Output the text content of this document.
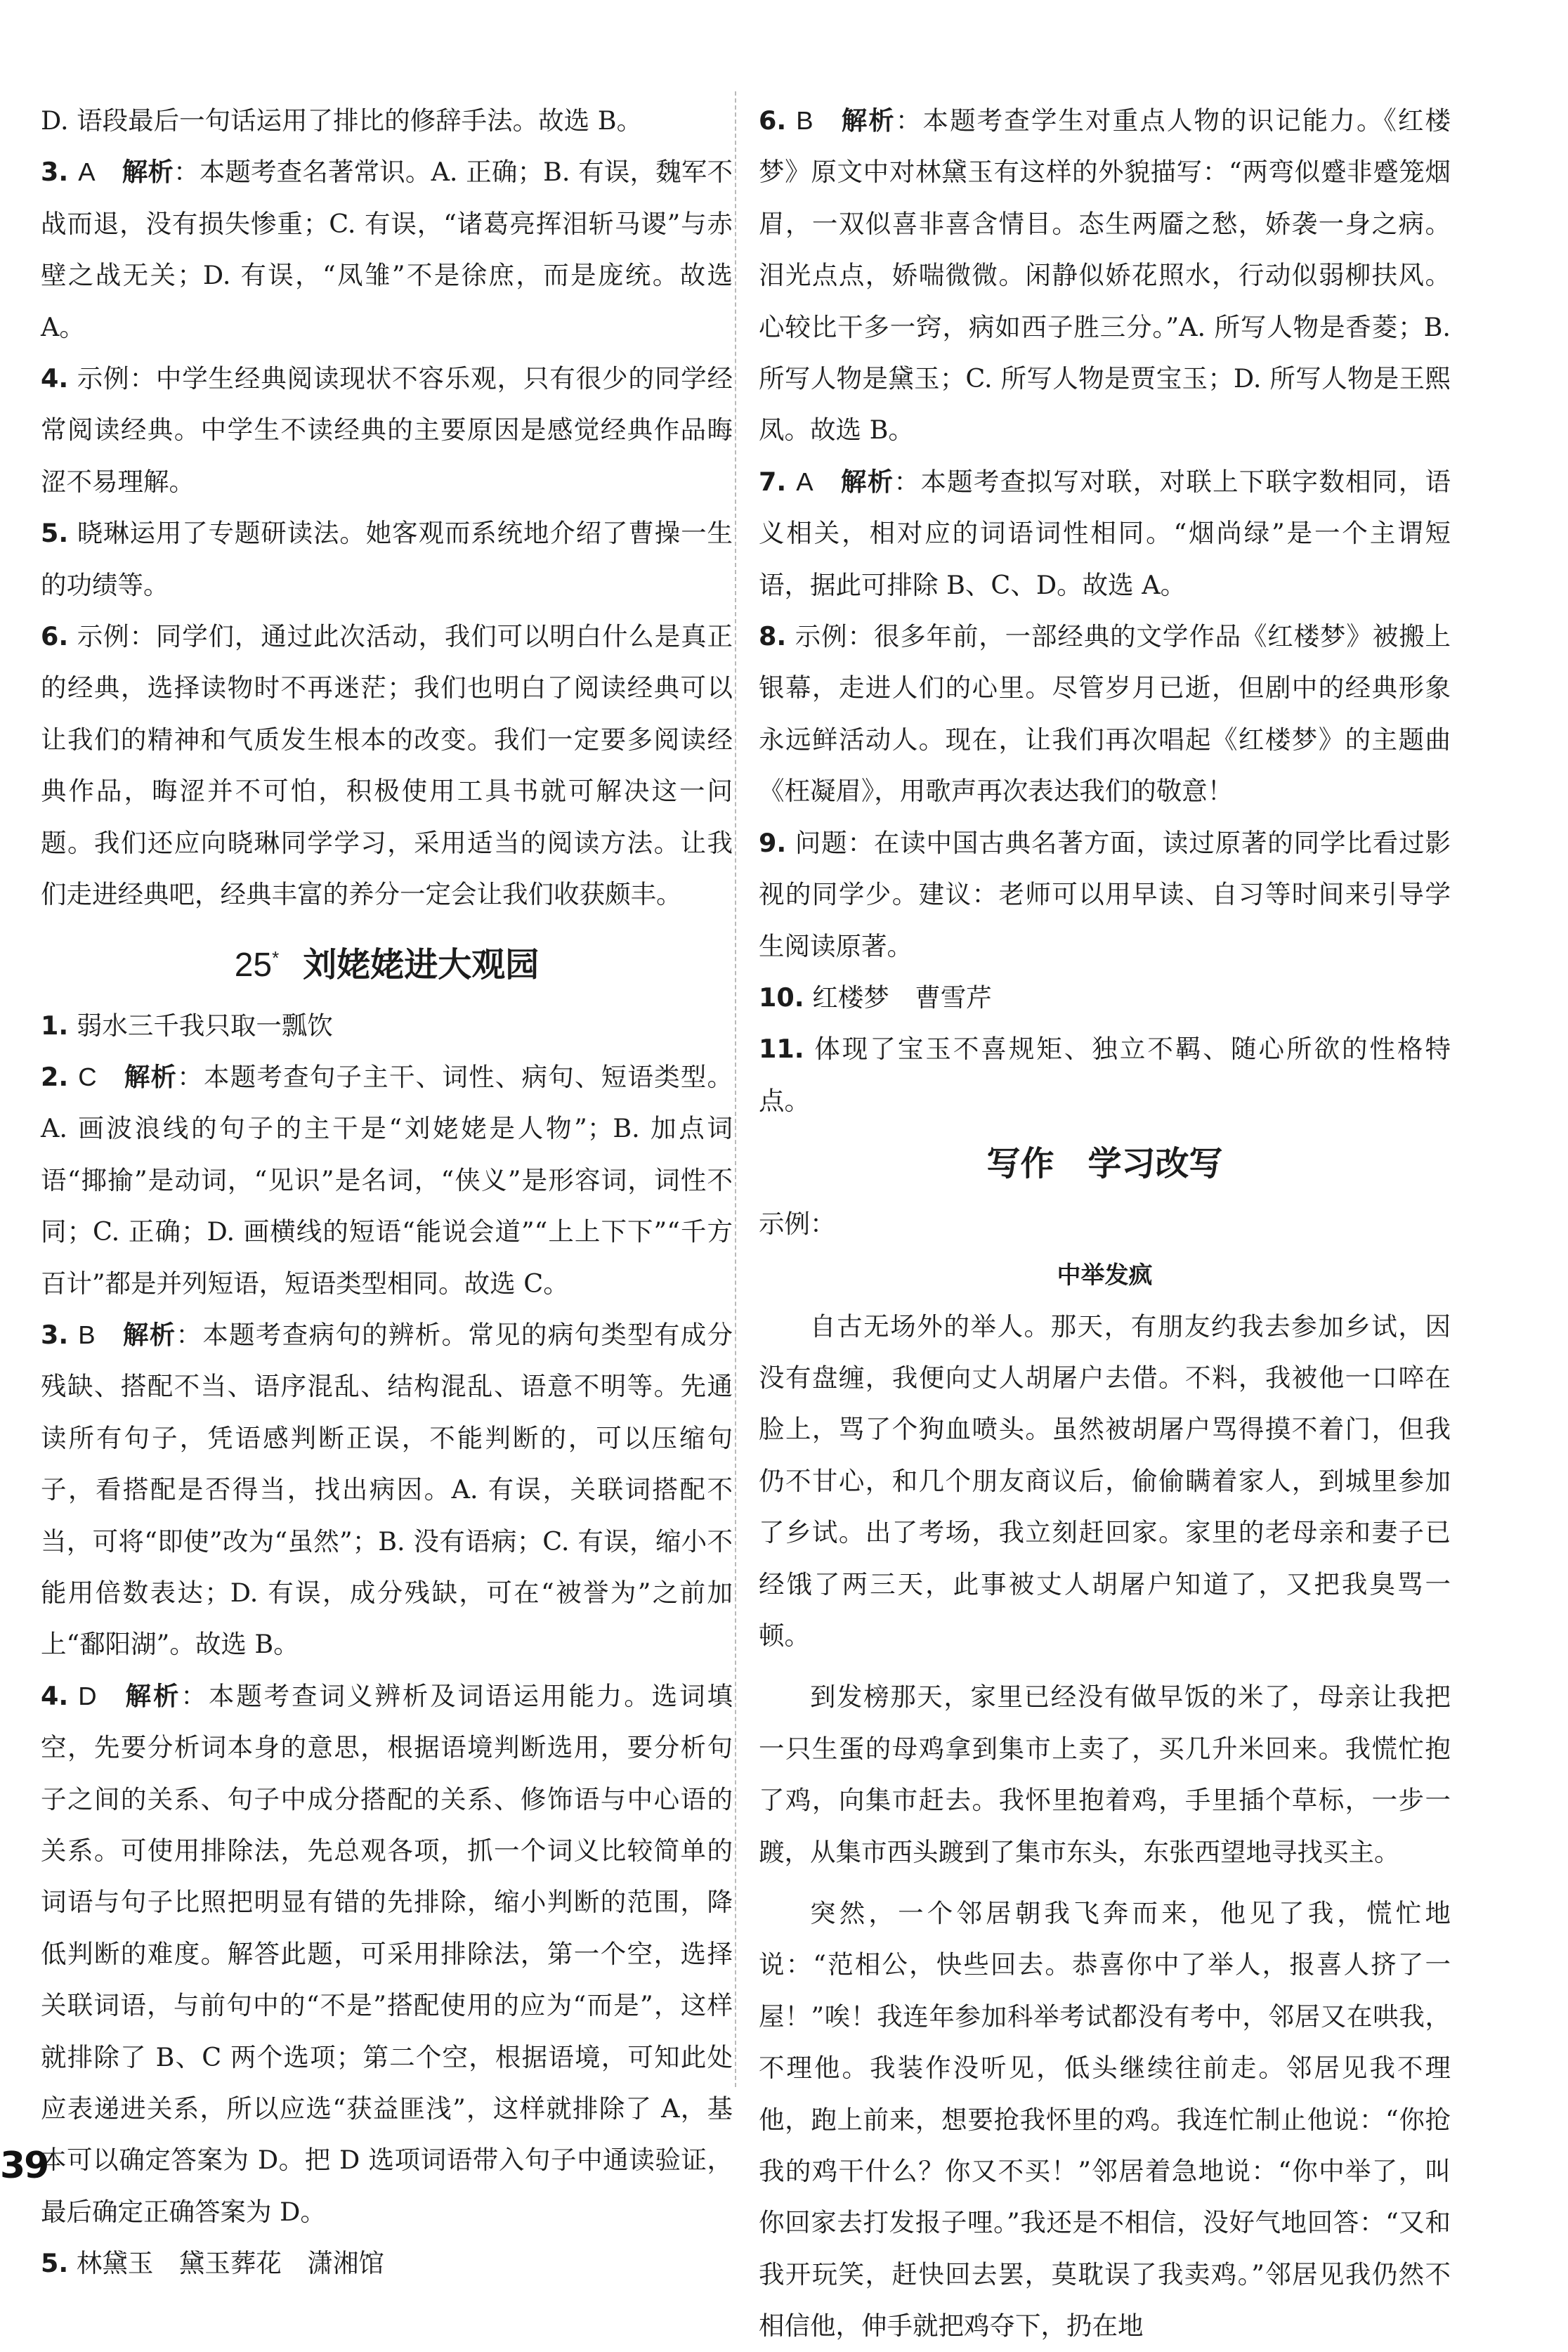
D. 语段最后一句话运用了排比的修辞手法。故选 B。

3. A 解析：本题考查名著常识。A. 正确；B. 有误，魏军不战而退，没有损失惨重；C. 有误，“诸葛亮挥泪斩马谡”与赤壁之战无关；D. 有误，“凤雏”不是徐庶，而是庞统。故选 A。

4. 示例：中学生经典阅读现状不容乐观，只有很少的同学经常阅读经典。中学生不读经典的主要原因是感觉经典作品晦涩不易理解。

5. 晓琳运用了专题研读法。她客观而系统地介绍了曹操一生的功绩等。

6. 示例：同学们，通过此次活动，我们可以明白什么是真正的经典，选择读物时不再迷茫；我们也明白了阅读经典可以让我们的精神和气质发生根本的改变。我们一定要多阅读经典作品，晦涩并不可怕，积极使用工具书就可解决这一问题。我们还应向晓琳同学学习，采用适当的阅读方法。让我们走进经典吧，经典丰富的养分一定会让我们收获颇丰。

25* 刘姥姥进大观园

1. 弱水三千我只取一瓢饮

2. C 解析：本题考查句子主干、词性、病句、短语类型。A. 画波浪线的句子的主干是“刘姥姥是人物”；B. 加点词语“揶揄”是动词，“见识”是名词，“侠义”是形容词，词性不同；C. 正确；D. 画横线的短语“能说会道”“上上下下”“千方百计”都是并列短语，短语类型相同。故选 C。

3. B 解析：本题考查病句的辨析。常见的病句类型有成分残缺、搭配不当、语序混乱、结构混乱、语意不明等。先通读所有句子，凭语感判断正误，不能判断的，可以压缩句子，看搭配是否得当，找出病因。A. 有误，关联词搭配不当，可将“即使”改为“虽然”；B. 没有语病；C. 有误，缩小不能用倍数表达；D. 有误，成分残缺，可在“被誉为”之前加上“鄱阳湖”。故选 B。

4. D 解析：本题考查词义辨析及词语运用能力。选词填空，先要分析词本身的意思，根据语境判断选用，要分析句子之间的关系、句子中成分搭配的关系、修饰语与中心语的关系。可使用排除法，先总观各项，抓一个词义比较简单的词语与句子比照把明显有错的先排除，缩小判断的范围，降低判断的难度。解答此题，可采用排除法，第一个空，选择关联词语，与前句中的“不是”搭配使用的应为“而是”，这样就排除了 B、C 两个选项；第二个空，根据语境，可知此处应表递进关系，所以应选“获益匪浅”，这样就排除了 A，基本可以确定答案为 D。把 D 选项词语带入句子中通读验证，最后确定正确答案为 D。

5. 林黛玉　黛玉葬花　潇湘馆

6. B 解析：本题考查学生对重点人物的识记能力。《红楼梦》原文中对林黛玉有这样的外貌描写：“两弯似蹙非蹙笼烟眉，一双似喜非喜含情目。态生两靥之愁，娇袭一身之病。泪光点点，娇喘微微。闲静似娇花照水，行动似弱柳扶风。心较比干多一窍，病如西子胜三分。”A. 所写人物是香菱；B. 所写人物是黛玉；C. 所写人物是贾宝玉；D. 所写人物是王熙凤。故选 B。

7. A 解析：本题考查拟写对联，对联上下联字数相同，语义相关，相对应的词语词性相同。“烟尚绿”是一个主谓短语，据此可排除 B、C、D。故选 A。

8. 示例：很多年前，一部经典的文学作品《红楼梦》被搬上银幕，走进人们的心里。尽管岁月已逝，但剧中的经典形象永远鲜活动人。现在，让我们再次唱起《红楼梦》的主题曲《枉凝眉》，用歌声再次表达我们的敬意！

9. 问题：在读中国古典名著方面，读过原著的同学比看过影视的同学少。建议：老师可以用早读、自习等时间来引导学生阅读原著。

10. 红楼梦　曹雪芹

11. 体现了宝玉不喜规矩、独立不羁、随心所欲的性格特点。

写作　学习改写

示例：

中举发疯

自古无场外的举人。那天，有朋友约我去参加乡试，因没有盘缠，我便向丈人胡屠户去借。不料，我被他一口啐在脸上，骂了个狗血喷头。虽然被胡屠户骂得摸不着门，但我仍不甘心，和几个朋友商议后，偷偷瞒着家人，到城里参加了乡试。出了考场，我立刻赶回家。家里的老母亲和妻子已经饿了两三天，此事被丈人胡屠户知道了，又把我臭骂一顿。

到发榜那天，家里已经没有做早饭的米了，母亲让我把一只生蛋的母鸡拿到集市上卖了，买几升米回来。我慌忙抱了鸡，向集市赶去。我怀里抱着鸡，手里插个草标，一步一踱，从集市西头踱到了集市东头，东张西望地寻找买主。

突然，一个邻居朝我飞奔而来，他见了我，慌忙地说：“范相公，快些回去。恭喜你中了举人，报喜人挤了一屋！”唉！我连年参加科举考试都没有考中，邻居又在哄我，不理他。我装作没听见，低头继续往前走。邻居见我不理他，跑上前来，想要抢我怀里的鸡。我连忙制止他说：“你抢我的鸡干什么？你又不买！”邻居着急地说：“你中举了，叫你回家去打发报子哩。”我还是不相信，没好气地回答：“又和我开玩笑，赶快回去罢，莫耽误了我卖鸡。”邻居见我仍然不相信他，伸手就把鸡夺下，扔在地

39
